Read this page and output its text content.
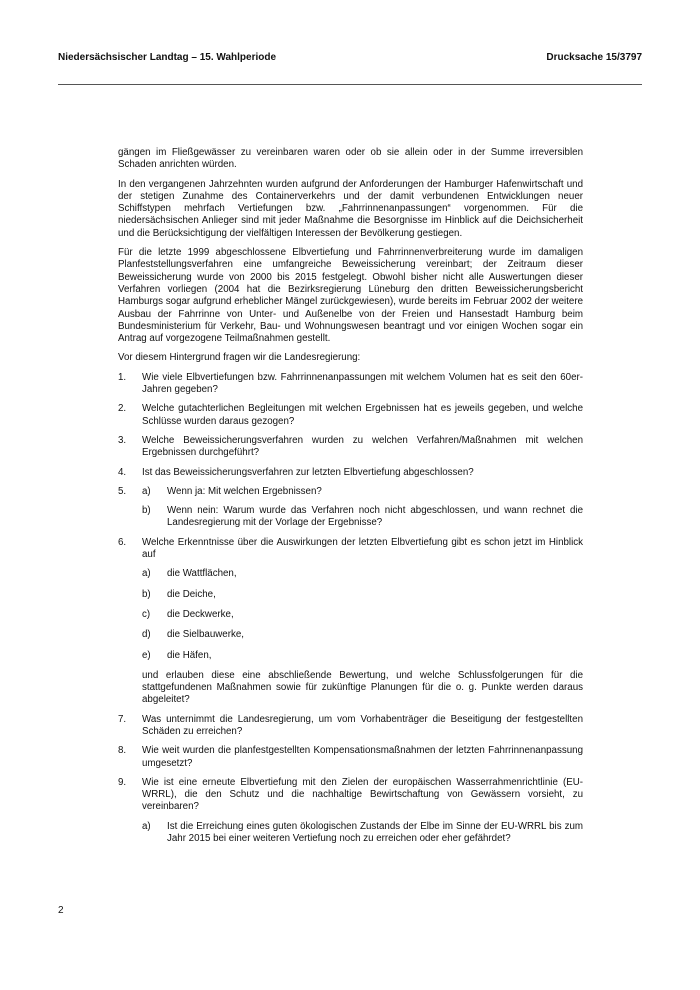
Niedersächsischer Landtag – 15. Wahlperiode	Drucksache 15/3797

gängen im Fließgewässer zu vereinbaren waren oder ob sie allein oder in der Summe irreversiblen Schaden anrichten würden.

In den vergangenen Jahrzehnten wurden aufgrund der Anforderungen der Hamburger Hafenwirtschaft und der stetigen Zunahme des Containerverkehrs und der damit verbundenen Entwicklungen neuer Schiffstypen mehrfach Vertiefungen bzw. „Fahrrinnenanpassungen“ vorgenommen. Für die niedersächsischen Anlieger sind mit jeder Maßnahme die Besorgnisse im Hinblick auf die Deichsicherheit und die Berücksichtigung der vielfältigen Interessen der Bevölkerung gestiegen.

Für die letzte 1999 abgeschlossene Elbvertiefung und Fahrrinnenverbreiterung wurde im damaligen Planfeststellungsverfahren eine umfangreiche Beweissicherung vereinbart; der Zeitraum dieser Beweissicherung wurde von 2000 bis 2015 festgelegt. Obwohl bisher nicht alle Auswertungen dieser Verfahren vorliegen (2004 hat die Bezirksregierung Lüneburg den dritten Beweissicherungsbericht Hamburgs sogar aufgrund erheblicher Mängel zurückgewiesen), wurde bereits im Februar 2002 der weitere Ausbau der Fahrrinne von Unter- und Außenelbe von der Freien und Hansestadt Hamburg beim Bundesministerium für Verkehr, Bau- und Wohnungswesen beantragt und vor einigen Wochen sogar ein Antrag auf vorgezogene Teilmaßnahmen gestellt.

Vor diesem Hintergrund fragen wir die Landesregierung:

1. Wie viele Elbvertiefungen bzw. Fahrrinnenanpassungen mit welchem Volumen hat es seit den 60er-Jahren gegeben?
2. Welche gutachterlichen Begleitungen mit welchen Ergebnissen hat es jeweils gegeben, und welche Schlüsse wurden daraus gezogen?
3. Welche Beweissicherungsverfahren wurden zu welchen Verfahren/Maßnahmen mit welchen Ergebnissen durchgeführt?
4. Ist das Beweissicherungsverfahren zur letzten Elbvertiefung abgeschlossen?
5. a) Wenn ja: Mit welchen Ergebnissen?
b) Wenn nein: Warum wurde das Verfahren noch nicht abgeschlossen, und wann rechnet die Landesregierung mit der Vorlage der Ergebnisse?
6. Welche Erkenntnisse über die Auswirkungen der letzten Elbvertiefung gibt es schon jetzt im Hinblick auf
a) die Wattflächen,
b) die Deiche,
c) die Deckwerke,
d) die Sielbauwerke,
e) die Häfen,

und erlauben diese eine abschließende Bewertung, und welche Schlussfolgerungen für die stattgefundenen Maßnahmen sowie für zukünftige Planungen für die o. g. Punkte werden daraus abgeleitet?

7. Was unternimmt die Landesregierung, um vom Vorhabenträger die Beseitigung der festgestellten Schäden zu erreichen?
8. Wie weit wurden die planfestgestellten Kompensationsmaßnahmen der letzten Fahrrinnenanpassung umgesetzt?
9. Wie ist eine erneute Elbvertiefung mit den Zielen der europäischen Wasserrahmenrichtlinie (EU-WRRL), die den Schutz und die nachhaltige Bewirtschaftung von Gewässern vorsieht, zu vereinbaren?
a) Ist die Erreichung eines guten ökologischen Zustands der Elbe im Sinne der EU-WRRL bis zum Jahr 2015 bei einer weiteren Vertiefung noch zu erreichen oder eher gefährdet?
2
